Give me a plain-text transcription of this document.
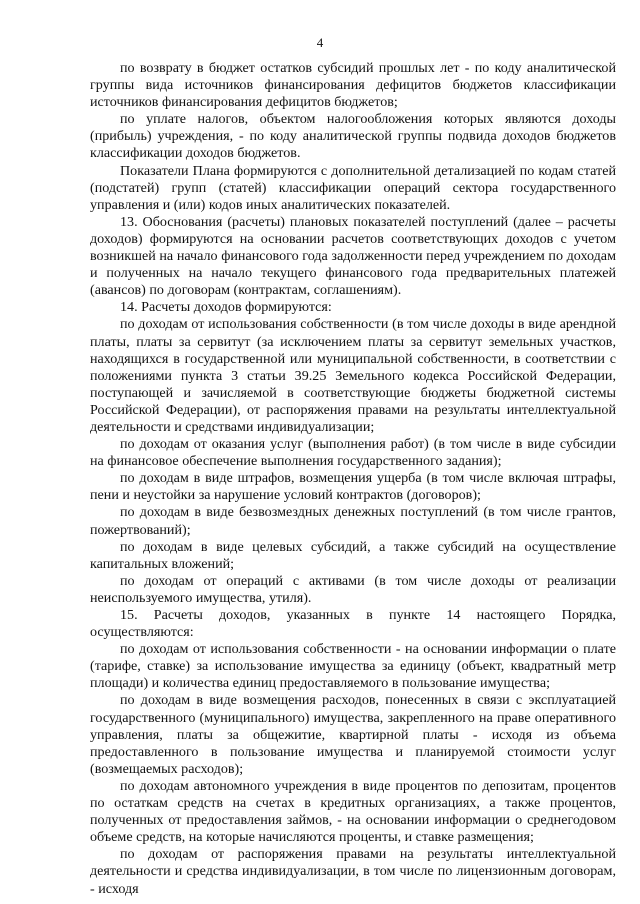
4

по возврату в бюджет остатков субсидий прошлых лет - по коду аналитической группы вида источников финансирования дефицитов бюджетов классификации источников финансирования дефицитов бюджетов;

по уплате налогов, объектом налогообложения которых являются доходы (прибыль) учреждения, - по коду аналитической группы подвида доходов бюджетов классификации доходов бюджетов.

Показатели Плана формируются с дополнительной детализацией по кодам статей (подстатей) групп (статей) классификации операций сектора государственного управления и (или) кодов иных аналитических показателей.

13. Обоснования (расчеты) плановых показателей поступлений (далее – расчеты доходов) формируются на основании расчетов соответствующих доходов с учетом возникшей на начало финансового года задолженности перед учреждением по доходам и полученных на начало текущего финансового года предварительных платежей (авансов) по договорам (контрактам, соглашениям).

14. Расчеты доходов формируются:

по доходам от использования собственности (в том числе доходы в виде арендной платы, платы за сервитут (за исключением платы за сервитут земельных участков, находящихся в государственной или муниципальной собственности, в соответствии с положениями пункта 3 статьи 39.25 Земельного кодекса Российской Федерации, поступающей и зачисляемой в соответствующие бюджеты бюджетной системы Российской Федерации), от распоряжения правами на результаты интеллектуальной деятельности и средствами индивидуализации;

по доходам от оказания услуг (выполнения работ) (в том числе в виде субсидии на финансовое обеспечение выполнения государственного задания);

по доходам в виде штрафов, возмещения ущерба (в том числе включая штрафы, пени и неустойки за нарушение условий контрактов (договоров);

по доходам в виде безвозмездных денежных поступлений (в том числе грантов, пожертвований);

по доходам в виде целевых субсидий, а также субсидий на осуществление капитальных вложений;

по доходам от операций с активами (в том числе доходы от реализации неиспользуемого имущества, утиля).

15. Расчеты доходов, указанных в пункте 14 настоящего Порядка, осуществляются:

по доходам от использования собственности - на основании информации о плате (тарифе, ставке) за использование имущества за единицу (объект, квадратный метр площади) и количества единиц предоставляемого в пользование имущества;

по доходам в виде возмещения расходов, понесенных в связи с эксплуатацией государственного (муниципального) имущества, закрепленного на праве оперативного управления, платы за общежитие, квартирной платы - исходя из объема предоставленного в пользование имущества и планируемой стоимости услуг (возмещаемых расходов);

по доходам автономного учреждения в виде процентов по депозитам, процентов по остаткам средств на счетах в кредитных организациях, а также процентов, полученных от предоставления займов, - на основании информации о среднегодовом объеме средств, на которые начисляются проценты, и ставке размещения;

по доходам от распоряжения правами на результаты интеллектуальной деятельности и средства индивидуализации, в том числе по лицензионным договорам, - исходя
